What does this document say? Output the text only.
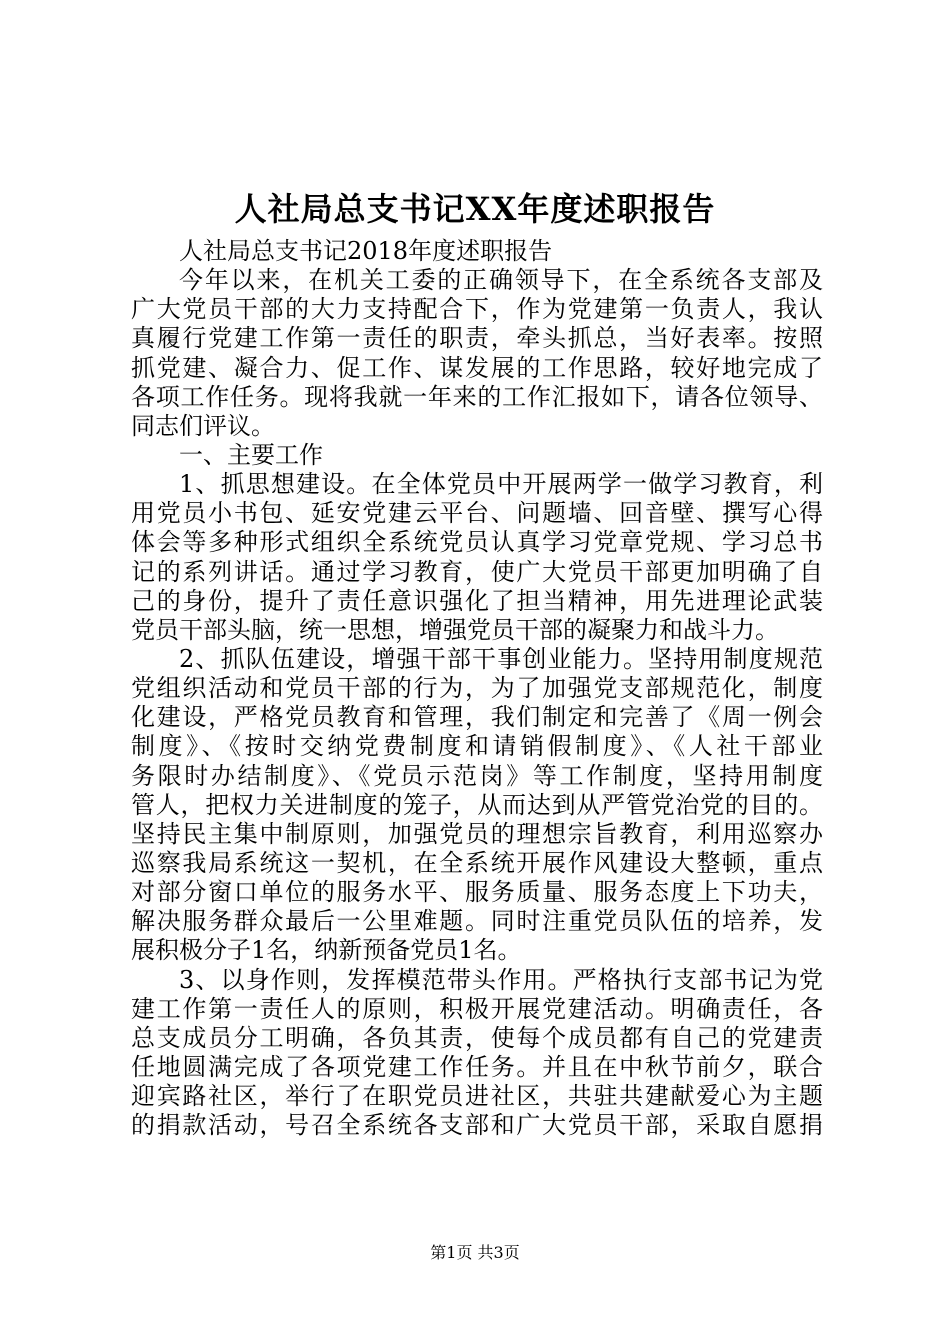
人社局总支书记XX年度述职报告
人社局总支书记2018年度述职报告
今年以来，在机关工委的正确领导下，在全系统各支部及
广大党员干部的大力支持配合下，作为党建第一负责人，我认
真履行党建工作第一责任的职责，牵头抓总，当好表率。按照
抓党建、凝合力、促工作、谋发展的工作思路，较好地完成了
各项工作任务。现将我就一年来的工作汇报如下，请各位领导、
同志们评议。
一、主要工作
1、抓思想建设。在全体党员中开展两学一做学习教育，利
用党员小书包、延安党建云平台、问题墙、回音壁、撰写心得
体会等多种形式组织全系统党员认真学习党章党规、学习总书
记的系列讲话。通过学习教育，使广大党员干部更加明确了自
己的身份，提升了责任意识强化了担当精神，用先进理论武装
党员干部头脑，统一思想，增强党员干部的凝聚力和战斗力。
2、抓队伍建设，增强干部干事创业能力。坚持用制度规范
党组织活动和党员干部的行为，为了加强党支部规范化，制度
化建设，严格党员教育和管理，我们制定和完善了《周一例会
制度》、《按时交纳党费制度和请销假制度》、《人社干部业
务限时办结制度》、《党员示范岗》等工作制度，坚持用制度
管人，把权力关进制度的笼子，从而达到从严管党治党的目的。
坚持民主集中制原则，加强党员的理想宗旨教育，利用巡察办
巡察我局系统这一契机，在全系统开展作风建设大整顿，重点
对部分窗口单位的服务水平、服务质量、服务态度上下功夫，
解决服务群众最后一公里难题。同时注重党员队伍的培养，发
展积极分子1名，纳新预备党员1名。
3、以身作则，发挥模范带头作用。严格执行支部书记为党
建工作第一责任人的原则，积极开展党建活动。明确责任，各
总支成员分工明确，各负其责，使每个成员都有自己的党建责
任地圆满完成了各项党建工作任务。并且在中秋节前夕，联合
迎宾路社区，举行了在职党员进社区，共驻共建献爱心为主题
的捐款活动，号召全系统各支部和广大党员干部，采取自愿捐
第1页 共3页
